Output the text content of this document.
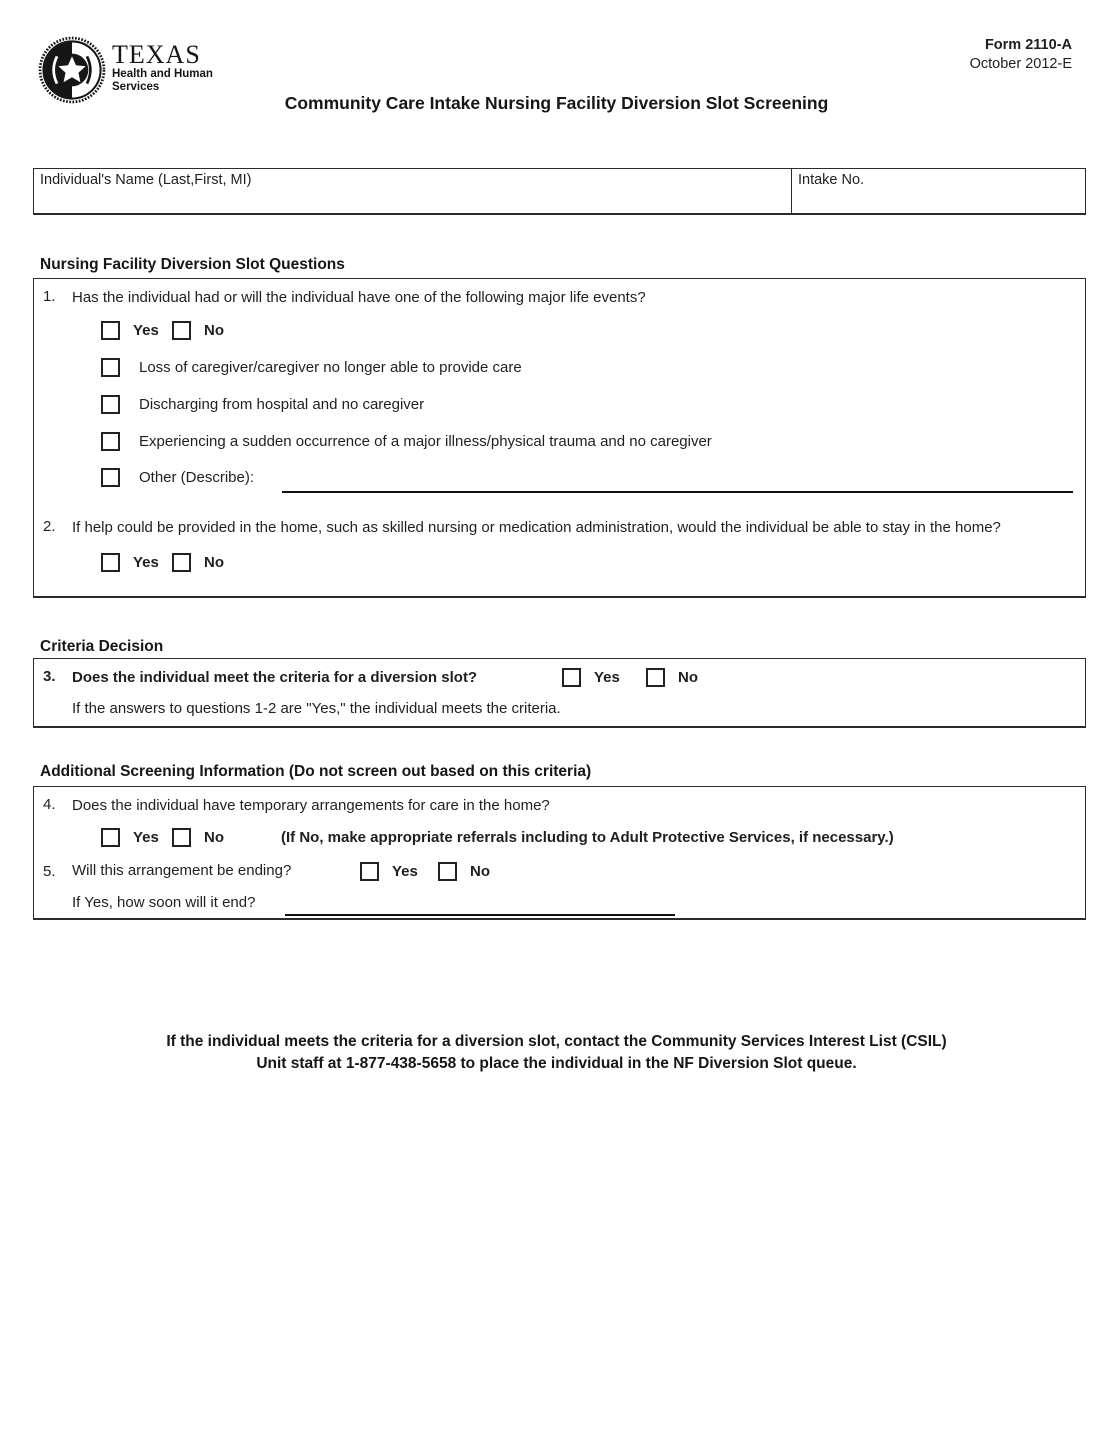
TEXAS
Health and Human
Services
Form 2110-A
October 2012-E
Community Care Intake Nursing Facility Diversion Slot Screening
Individual's Name (Last,First, MI)	Intake No.
Nursing Facility Diversion Slot Questions
1.	Has the individual had or will the individual have one of the following major life events?
Yes	No
Loss of caregiver/caregiver no longer able to provide care
Discharging from hospital and no caregiver
Experiencing a sudden occurrence of a major illness/physical trauma and no caregiver
Other (Describe):
2.	If help could be provided in the home, such as skilled nursing or medication administration, would the individual be able to stay in the home?
Yes	No
Criteria Decision
3.	Does the individual meet the criteria for a diversion slot?	Yes	No
If the answers to questions 1-2 are "Yes," the individual meets the criteria.
Additional Screening Information (Do not screen out based on this criteria)
4.	Does the individual have temporary arrangements for care in the home?
Yes	No	(If No, make appropriate referrals including to Adult Protective Services, if necessary.)
5.	Will this arrangement be ending?	Yes	No
If Yes, how soon will it end?
If the individual meets the criteria for a diversion slot, contact the Community Services Interest List (CSIL)
Unit staff at 1-877-438-5658 to place the individual in the NF Diversion Slot queue.
